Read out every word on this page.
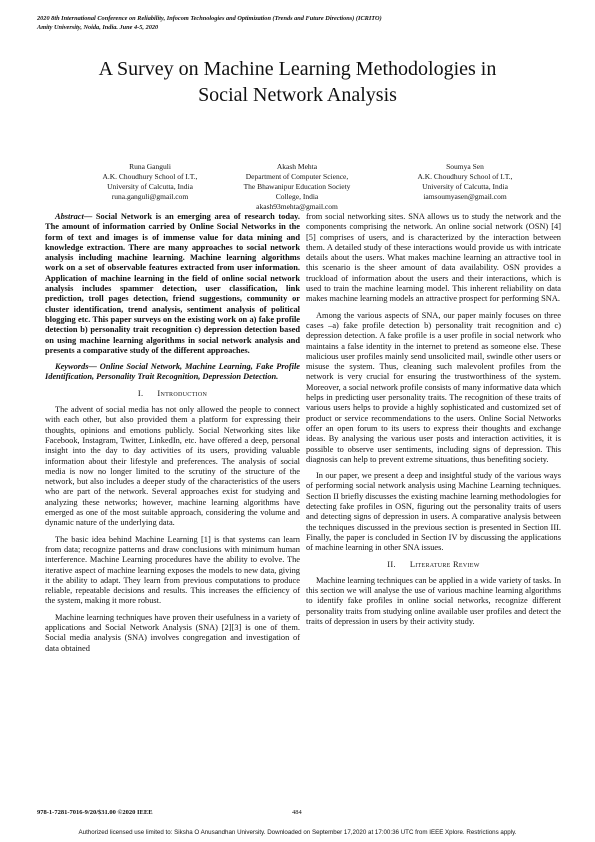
2020 8th International Conference on Reliability, Infocom Technologies and Optimization (Trends and Future Directions) (ICRITO)
Amity University, Noida, India. June 4-5, 2020
A Survey on Machine Learning Methodologies in
Social Network Analysis
Runa Ganguli
A.K. Choudhury School of I.T.,
University of Calcutta, India
runa.ganguli@gmail.com
Akash Mehta
Department of Computer Science,
The Bhawanipur Education Society
College, India
akash93mehta@gmail.com
Soumya Sen
A.K. Choudhury School of I.T.,
University of Calcutta, India
iamsoumyasen@gmail.com

Abstract— Social Network is an emerging area of research today. The amount of information carried by Online Social Networks in the form of text and images is of immense value for data mining and knowledge extraction. There are many approaches to social network analysis including machine learning. Machine learning algorithms work on a set of observable features extracted from user information. Application of machine learning in the field of online social network analysis includes spammer detection, user classification, link prediction, troll pages detection, friend suggestions, community or cluster identification, trend analysis, sentiment analysis of political blogging etc. This paper surveys on the existing work on a) fake profile detection b) personality trait recognition c) depression detection based on using machine learning algorithms in social network analysis and presents a comparative study of the different approaches.

Keywords— Online Social Network, Machine Learning, Fake Profile Identification, Personality Trait Recognition, Depression Detection.

I. Introduction

The advent of social media has not only allowed the people to connect with each other, but also provided them a platform for expressing their thoughts, opinions and emotions publicly. Social Networking sites like Facebook, Instagram, Twitter, LinkedIn, etc. have offered a deep, personal insight into the day to day activities of its users, providing valuable information about their lifestyle and preferences. The analysis of social media is now no longer limited to the scrutiny of the structure of the network, but also includes a deeper study of the characteristics of the users who are part of the network. Several approaches exist for studying and analyzing these networks; however, machine learning algorithms have emerged as one of the most suitable approach, considering the volume and dynamic nature of the underlying data.

The basic idea behind Machine Learning [1] is that systems can learn from data; recognize patterns and draw conclusions with minimum human interference. Machine Learning procedures have the ability to evolve. The iterative aspect of machine learning exposes the models to new data, giving it the ability to adapt. They learn from previous computations to produce reliable, repeatable decisions and results. This increases the efficiency of the system, making it more robust.

Machine learning techniques have proven their usefulness in a variety of applications and Social Network Analysis (SNA) [2][3] is one of them. Social media analysis (SNA) involves congregation and investigation of data obtained

from social networking sites. SNA allows us to study the network and the components comprising the network. An online social network (OSN) [4][5] comprises of users, and is characterized by the interaction between them. A detailed study of these interactions would provide us with intricate details about the users. What makes machine learning an attractive tool in this scenario is the sheer amount of data availability. OSN provides a truckload of information about the users and their interactions, which is used to train the machine learning model. This inherent reliability on data makes machine learning models an attractive prospect for performing SNA.

Among the various aspects of SNA, our paper mainly focuses on three cases –a) fake profile detection b) personality trait recognition and c) depression detection. A fake profile is a user profile in social network who maintains a false identity in the internet to pretend as someone else. These malicious user profiles mainly send unsolicited mail, swindle other users or misuse the system. Thus, cleaning such malevolent profiles from the network is very crucial for ensuring the trustworthiness of the system. Moreover, a social network profile consists of many informative data which helps in predicting user personality traits. The recognition of these traits of various users helps to provide a highly sophisticated and customized set of product or service recommendations to the users. Online Social Networks offer an open forum to its users to express their thoughts and exchange ideas. By analysing the various user posts and interaction activities, it is possible to observe user sentiments, including signs of depression. This diagnosis can help to prevent extreme situations, thus benefiting society.

In our paper, we present a deep and insightful study of the various ways of performing social network analysis using Machine Learning techniques. Section II briefly discusses the existing machine learning methodologies for detecting fake profiles in OSN, figuring out the personality traits of users and detecting signs of depression in users. A comparative analysis between the techniques discussed in the previous section is presented in Section III. Finally, the paper is concluded in Section IV by discussing the applications of machine learning in other SNA issues.

II. Literature Review

Machine learning techniques can be applied in a wide variety of tasks. In this section we will analyse the use of various machine learning algorithms to identify fake profiles in online social networks, recognize different personality traits from studying online available user profiles and detect the traits of depression in users by their activity study.

978-1-7281-7016-9/20/$31.00 ©2020 IEEE	484
Authorized licensed use limited to: Siksha O Anusandhan University. Downloaded on September 17,2020 at 17:00:36 UTC from IEEE Xplore. Restrictions apply.
